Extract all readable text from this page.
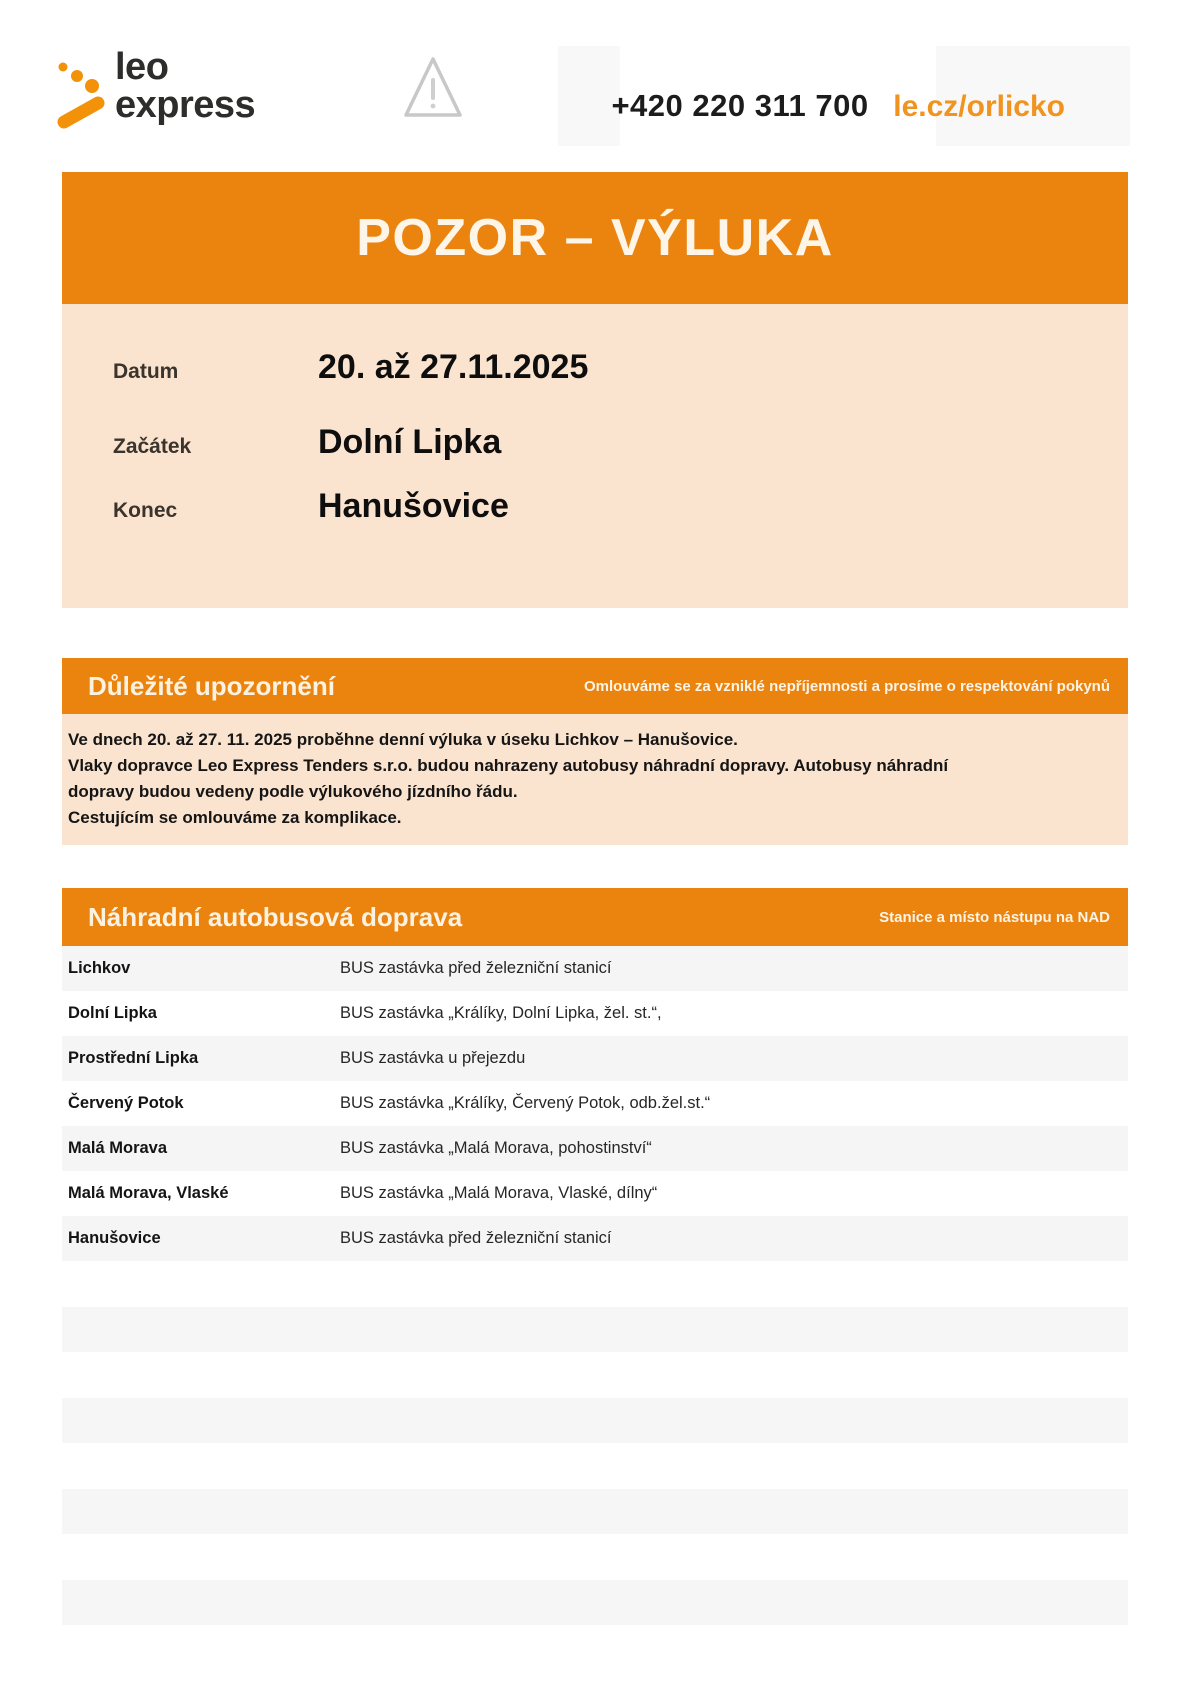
leo
express	+420 220 311 700 le.cz/orlicko
POZOR – VÝLUKA
Datum	20. až 27.11.2025
Začátek	Dolní Lipka
Konec	Hanušovice
Důležité upozornění	Omlouváme se za vzniklé nepříjemnosti a prosíme o respektování pokynů

Ve dnech 20. až 27. 11. 2025 proběhne denní výluka v úseku Lichkov – Hanušovice.

Vlaky dopravce Leo Express Tenders s.r.o. budou nahrazeny autobusy náhradní dopravy. Autobusy náhradní

dopravy budou vedeny podle výlukového jízdního řádu.

Cestujícím se omlouváme za komplikace.

Náhradní autobusová doprava	Stanice a místo nástupu na NAD
Lichkov	BUS zastávka před železniční stanicí
Dolní Lipka	BUS zastávka „Králíky, Dolní Lipka, žel. st.“,
Prostřední Lipka	BUS zastávka u přejezdu
Červený Potok	BUS zastávka „Králíky, Červený Potok, odb.žel.st.“
Malá Morava	BUS zastávka „Malá Morava, pohostinství“
Malá Morava, Vlaské	BUS zastávka „Malá Morava, Vlaské, dílny“
Hanušovice	BUS zastávka před železniční stanicí
